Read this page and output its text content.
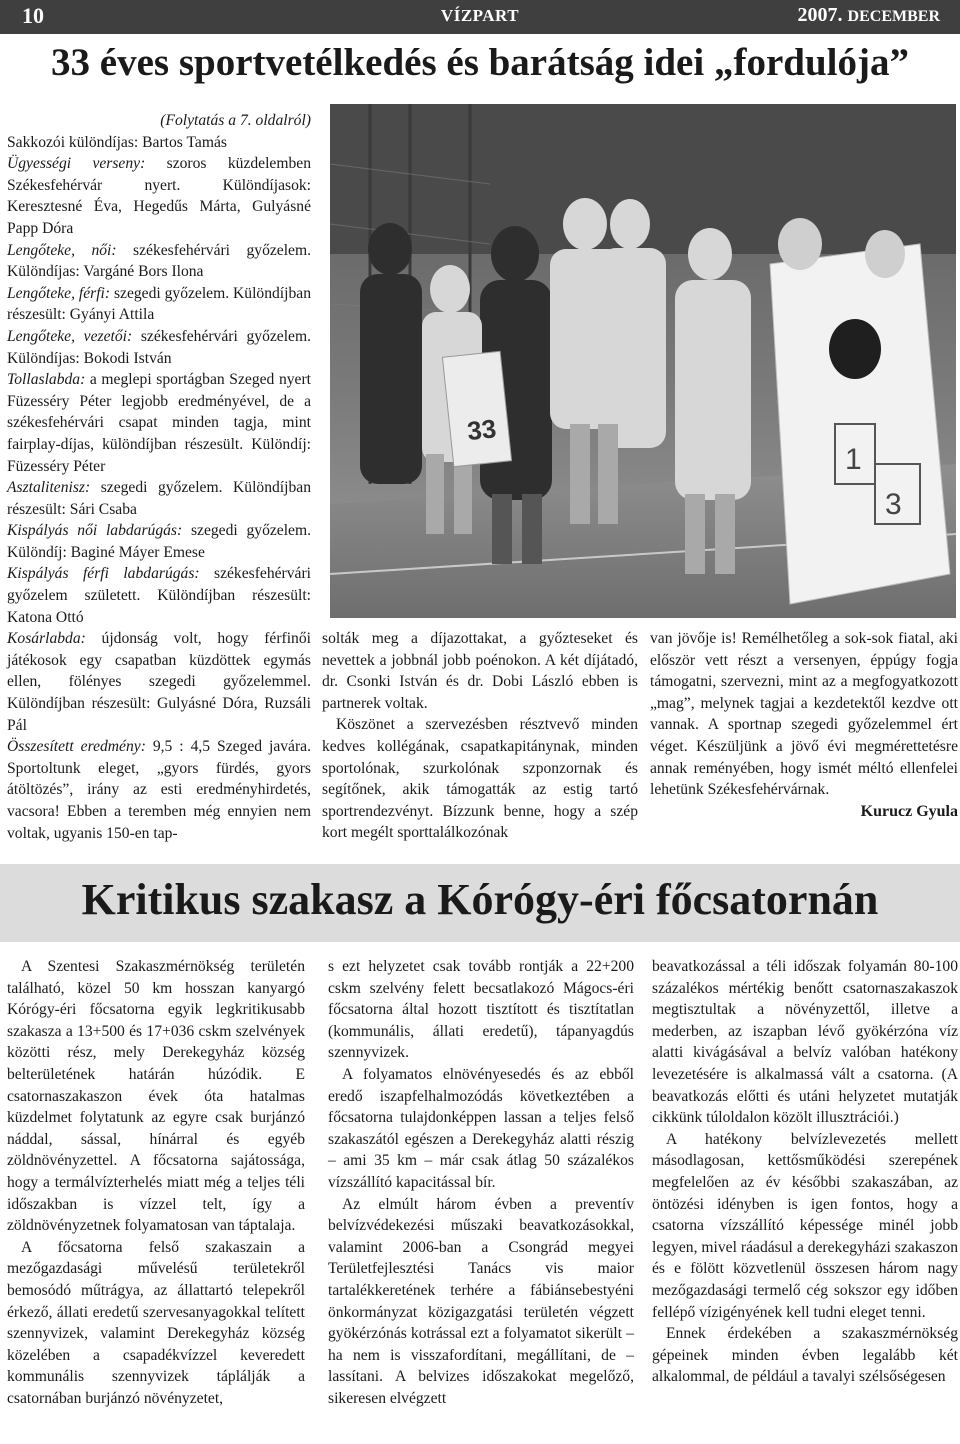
10	VÍZPART	2007. DECEMBER
33 éves sportvetélkedés és barátság idei „fordulója”

(Folytatás a 7. oldalról)

Sakkozói különdíjas: Bartos Tamás

Ügyességi verseny: szoros küzdelemben Székesfehérvár nyert. Különdíjasok: Keresztesné Éva, Hegedűs Márta, Gulyásné Papp Dóra

Lengőteke, női: székesfehérvári győzelem. Különdíjas: Vargáné Bors Ilona

Lengőteke, férfi: szegedi győzelem. Különdíjban részesült: Gyányi Attila

Lengőteke, vezetői: székesfehérvári győzelem. Különdíjas: Bokodi István

Tollaslabda: a meglepi sportágban Szeged nyert Füzesséry Péter legjobb eredményével, de a székesfehérvári csapat minden tagja, mint fairplay-díjas, különdíjban részesült. Különdíj: Füzesséry Péter

Asztalitenisz: szegedi győzelem. Különdíjban részesült: Sári Csaba

Kispályás női labdarúgás: szegedi győzelem. Különdíj: Baginé Máyer Emese

Kispályás férfi labdarúgás: székesfehérvári győzelem született. Különdíjban részesült: Katona Ottó

Kosárlabda: újdonság volt, hogy férfinői játékosok egy csapatban küzdöttek egymás ellen, fölényes szegedi győzelemmel. Különdíjban részesült: Gulyásné Dóra, Ruzsáli Pál

Összesített eredmény: 9,5 : 4,5 Szeged javára. Sportoltunk eleget, „gyors fürdés, gyors átöltözés”, irány az esti eredményhirdetés, vacsora! Ebben a teremben még ennyien nem voltak, ugyanis 150-en tap-

33
1
3

solták meg a díjazottakat, a győzteseket és nevettek a jobbnál jobb poénokon. A két díjátadó, dr. Csonki István és dr. Dobi László ebben is partnerek voltak.

Köszönet a szervezésben résztvevő minden kedves kollégának, csapatkapitánynak, minden sportolónak, szurkolónak szponzornak és segítőnek, akik támogatták az estig tartó sportrendezvényt. Bízzunk benne, hogy a szép kort megélt sporttalálkozónak

van jövője is! Remélhetőleg a sok-sok fiatal, aki először vett részt a versenyen, éppúgy fogja támogatni, szervezni, mint az a megfogyatkozott „mag”, melynek tagjai a kezdetektől kezdve ott vannak. A sportnap szegedi győzelemmel ért véget. Készüljünk a jövő évi megmérettetésre annak reményében, hogy ismét méltó ellenfelei lehetünk Székesfehérvárnak.

Kurucz Gyula

Kritikus szakasz a Kórógy-éri főcsatornán

A Szentesi Szakaszmérnökség területén található, közel 50 km hosszan kanyargó Kórógy-éri főcsatorna egyik legkritikusabb szakasza a 13+500 és 17+036 cskm szelvények közötti rész, mely Derekegyház község belterületének határán húzódik. E csatornaszakaszon évek óta hatalmas küzdelmet folytatunk az egyre csak burjánzó náddal, sással, hínárral és egyéb zöldnövényzettel. A főcsatorna sajátossága, hogy a termálvízterhelés miatt még a teljes téli időszakban is vízzel telt, így a zöldnövényzetnek folyamatosan van táptalaja.

A főcsatorna felső szakaszain a mezőgazdasági művelésű területekről bemosódó műtrágya, az állattartó telepekről érkező, állati eredetű szervesanyagokkal telített szennyvizek, valamint Derekegyház község közelében a csapadékvízzel keveredett kommunális szennyvizek táplálják a csatornában burjánzó növényzetet,

s ezt helyzetet csak tovább rontják a 22+200 cskm szelvény felett becsatlakozó Mágocs-éri főcsatorna által hozott tisztított és tisztítatlan (kommunális, állati eredetű), tápanyagdús szennyvizek.

A folyamatos elnövényesedés és az ebből eredő iszapfelhalmozódás következtében a főcsatorna tulajdonképpen lassan a teljes felső szakaszától egészen a Derekegyház alatti részig – ami 35 km – már csak átlag 50 százalékos vízszállító kapacitással bír.

Az elmúlt három évben a preventív belvízvédekezési műszaki beavatkozásokkal, valamint 2006-ban a Csongrád megyei Területfejlesztési Tanács vis maior tartalékkeretének terhére a fábiánsebestyéni önkormányzat közigazgatási területén végzett gyökérzónás kotrással ezt a folyamatot sikerült – ha nem is visszafordítani, megállítani, de – lassítani. A belvizes időszakokat megelőző, sikeresen elvégzett

beavatkozással a téli időszak folyamán 80-100 százalékos mértékig benőtt csatornaszakaszok megtisztultak a növényzettől, illetve a mederben, az iszapban lévő gyökérzóna víz alatti kivágásával a belvíz valóban hatékony levezetésére is alkalmassá vált a csatorna. (A beavatkozás előtti és utáni helyzetet mutatják cikkünk túloldalon közölt illusztrációi.)

A hatékony belvízlevezetés mellett másodlagosan, kettősműködési szerepének megfelelően az év későbbi szakaszában, az öntözési idényben is igen fontos, hogy a csatorna vízszállító képessége minél jobb legyen, mivel ráadásul a derekegyházi szakaszon és e fölött közvetlenül összesen három nagy mezőgazdasági termelő cég sokszor egy időben fellépő vízigényének kell tudni eleget tenni.

Ennek érdekében a szakaszmérnökség gépeinek minden évben legalább két alkalommal, de például a tavalyi szélsőségesen
